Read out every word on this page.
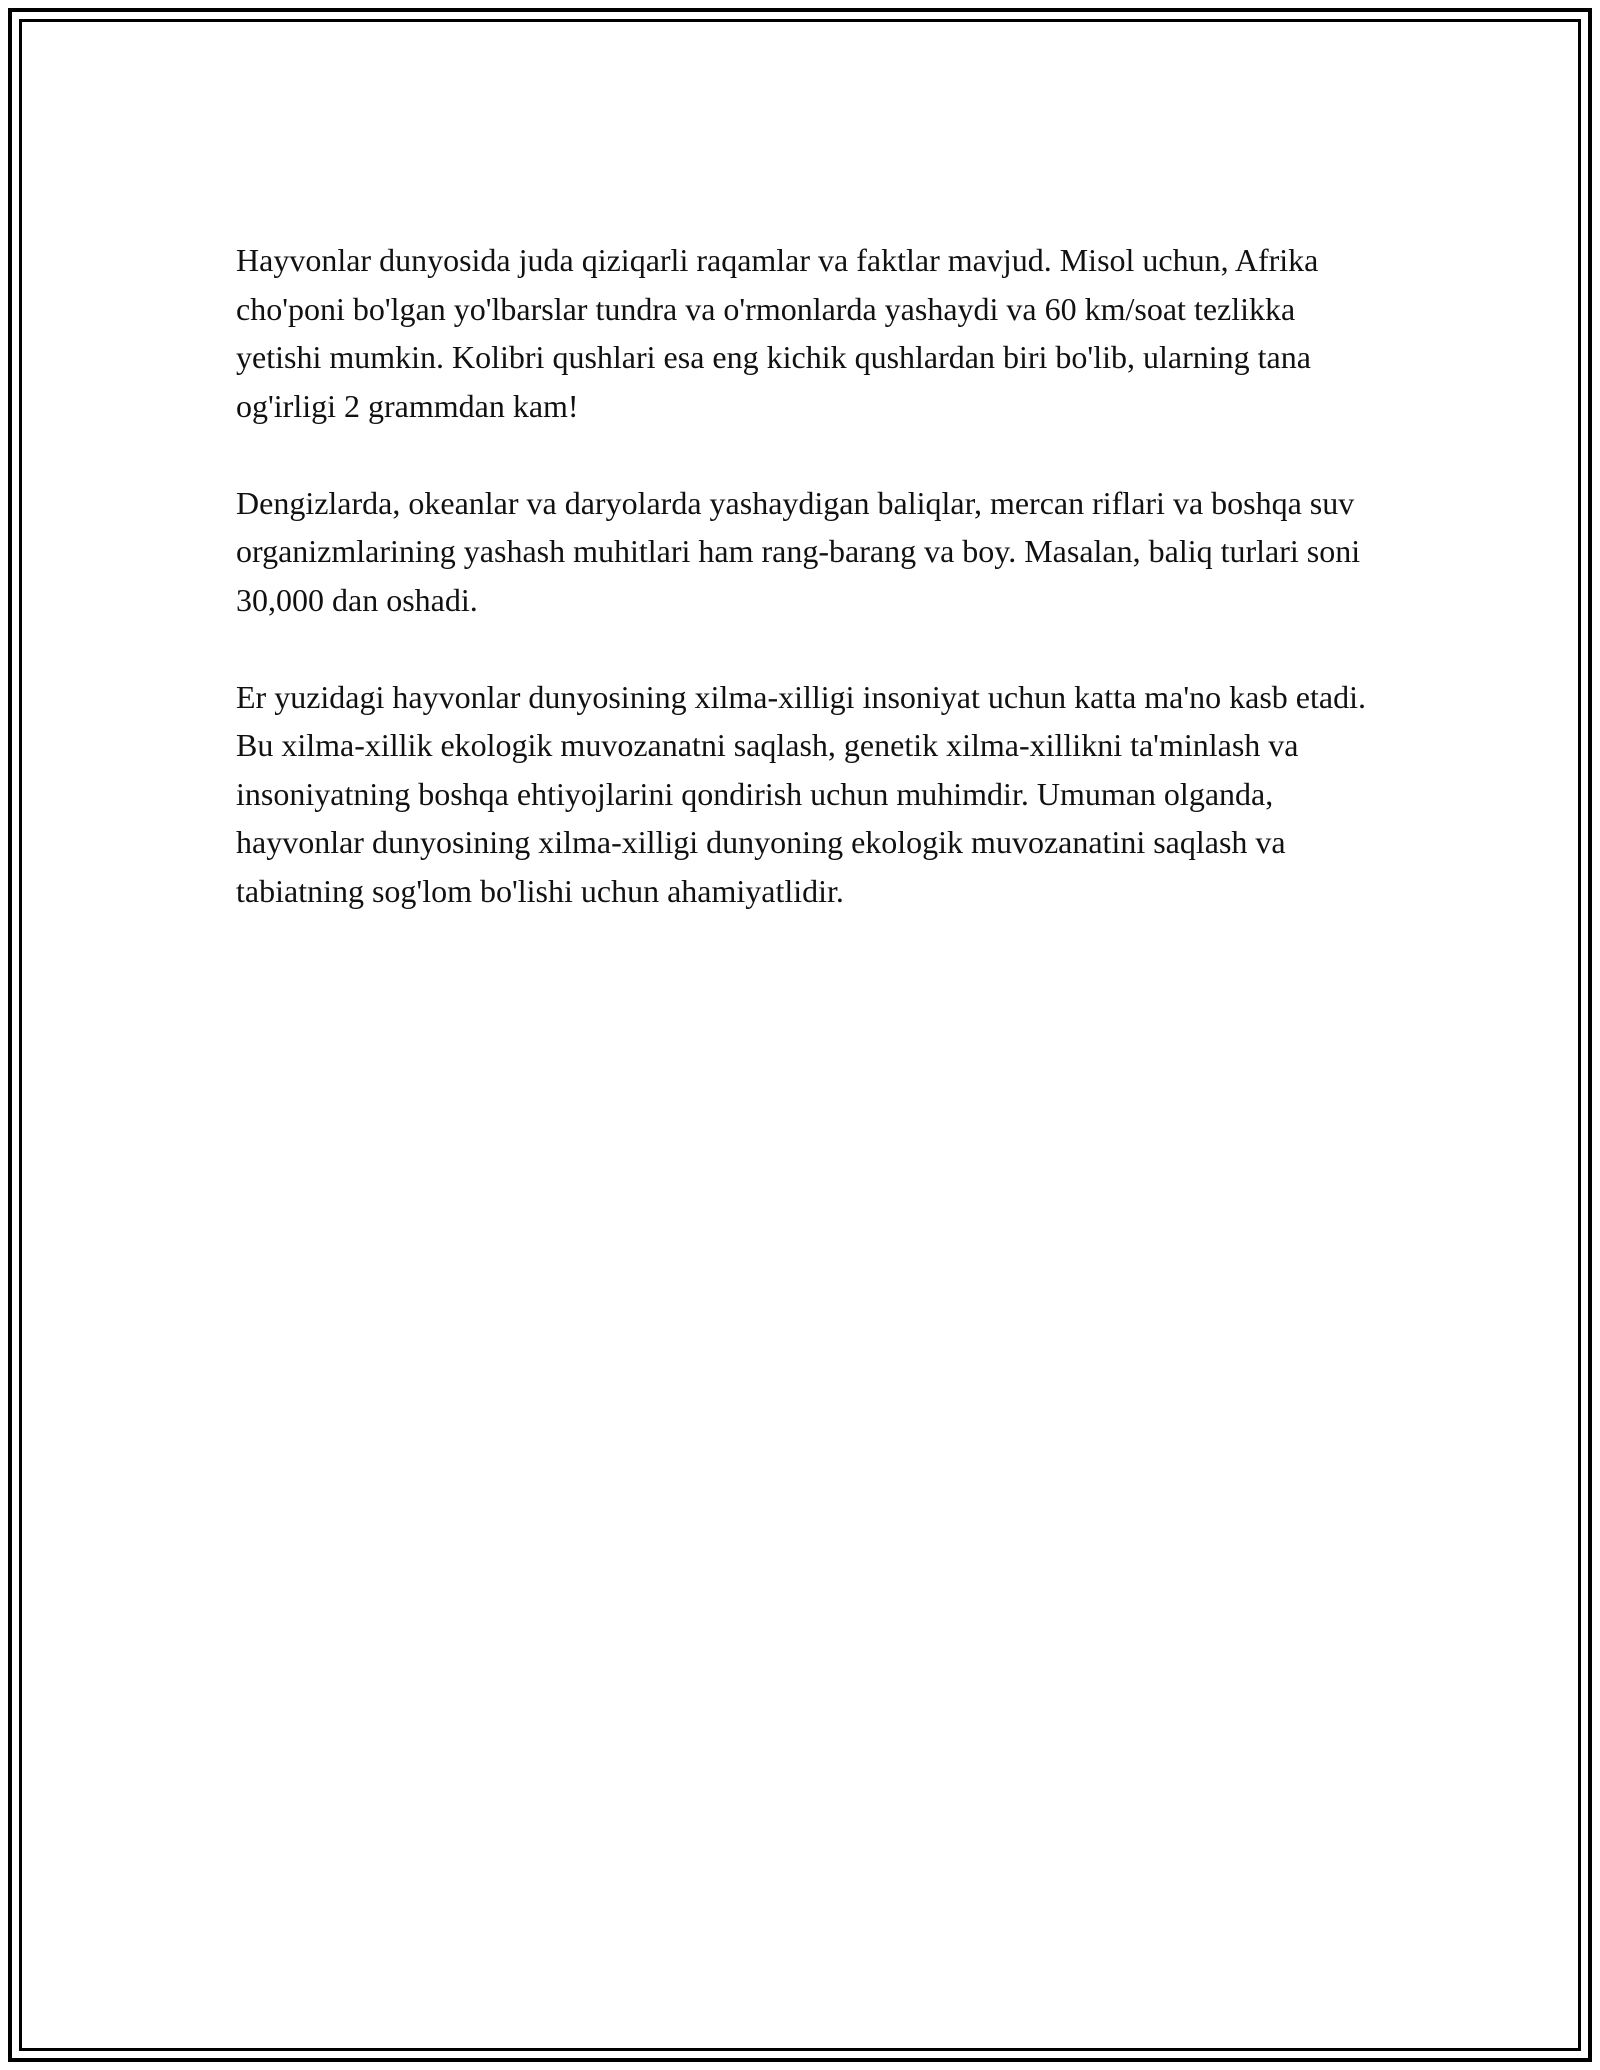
Hayvonlar dunyosida juda qiziqarli raqamlar va faktlar mavjud. Misol uchun, Afrika cho'poni bo'lgan yo'lbarslar tundra va o'rmonlarda yashaydi va 60 km/soat tezlikka yetishi mumkin. Kolibri qushlari esa eng kichik qushlardan biri bo'lib, ularning tana og'irligi 2 grammdan kam!

Dengizlarda, okeanlar va daryolarda yashaydigan baliqlar, mercan riflari va boshqa suv organizmlarining yashash muhitlari ham rang-barang va boy. Masalan, baliq turlari soni 30,000 dan oshadi.

Er yuzidagi hayvonlar dunyosining xilma-xilligi insoniyat uchun katta ma'no kasb etadi. Bu xilma-xillik ekologik muvozanatni saqlash, genetik xilma-xillikni ta'minlash va insoniyatning boshqa ehtiyojlarini qondirish uchun muhimdir. Umuman olganda, hayvonlar dunyosining xilma-xilligi dunyoning ekologik muvozanatini saqlash va tabiatning sog'lom bo'lishi uchun ahamiyatlidir.
